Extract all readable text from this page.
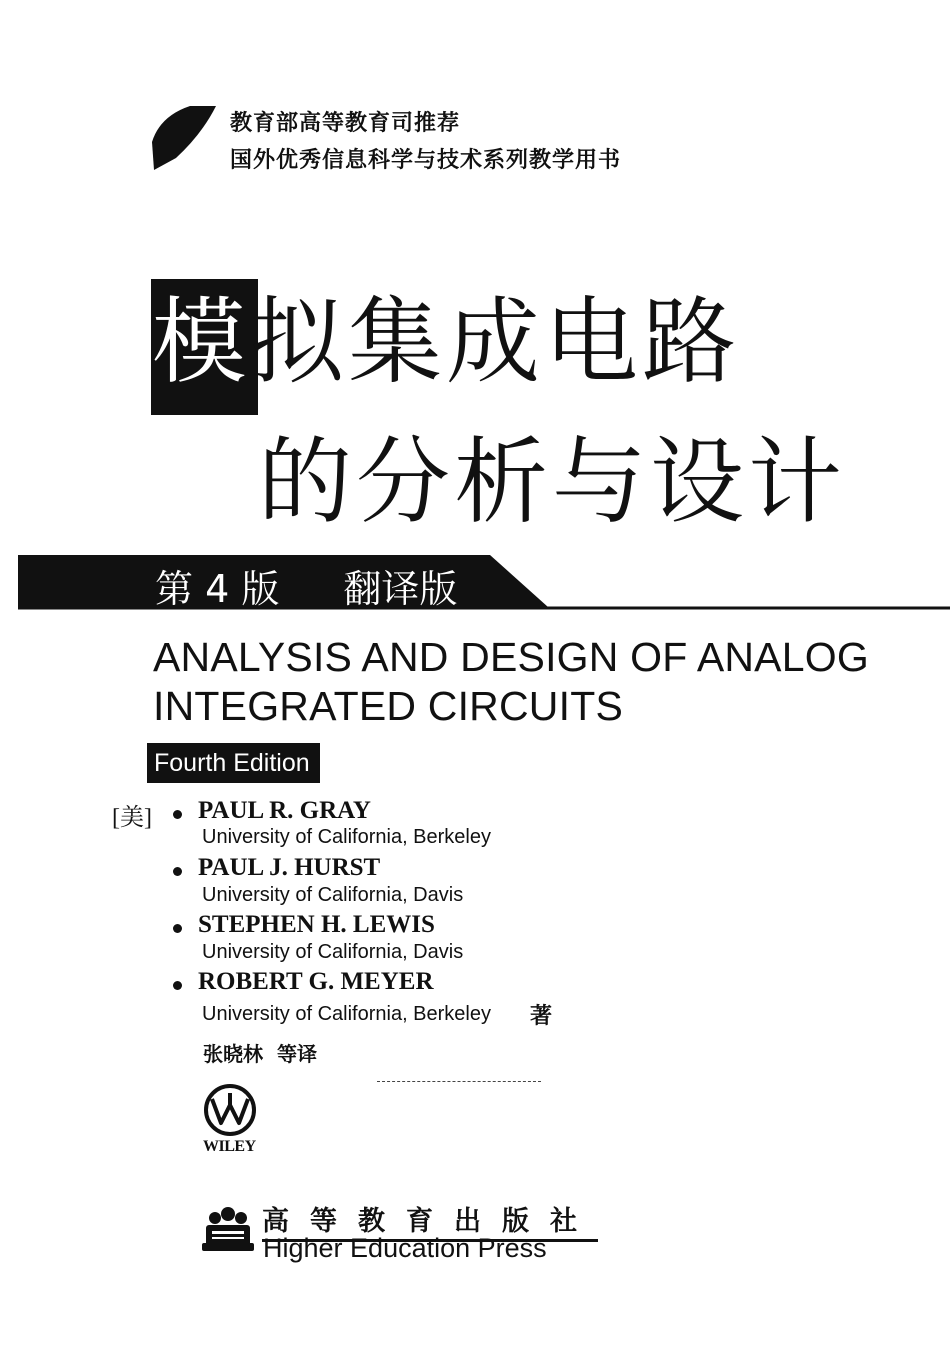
教育部高等教育司推荐
国外优秀信息科学与技术系列教学用书
模拟集成电路
的分析与设计
第 4 版 翻译版
ANALYSIS AND DESIGN OF ANALOG
INTEGRATED CIRCUITS
Fourth Edition
[美] PAUL R. GRAY
University of California, Berkeley
PAUL J. HURST
University of California, Davis
STEPHEN H. LEWIS
University of California, Davis
ROBERT G. MEYER
University of California, Berkeley 著
张晓林 等译
WILEY
高等教育出版社
Higher Education Press
